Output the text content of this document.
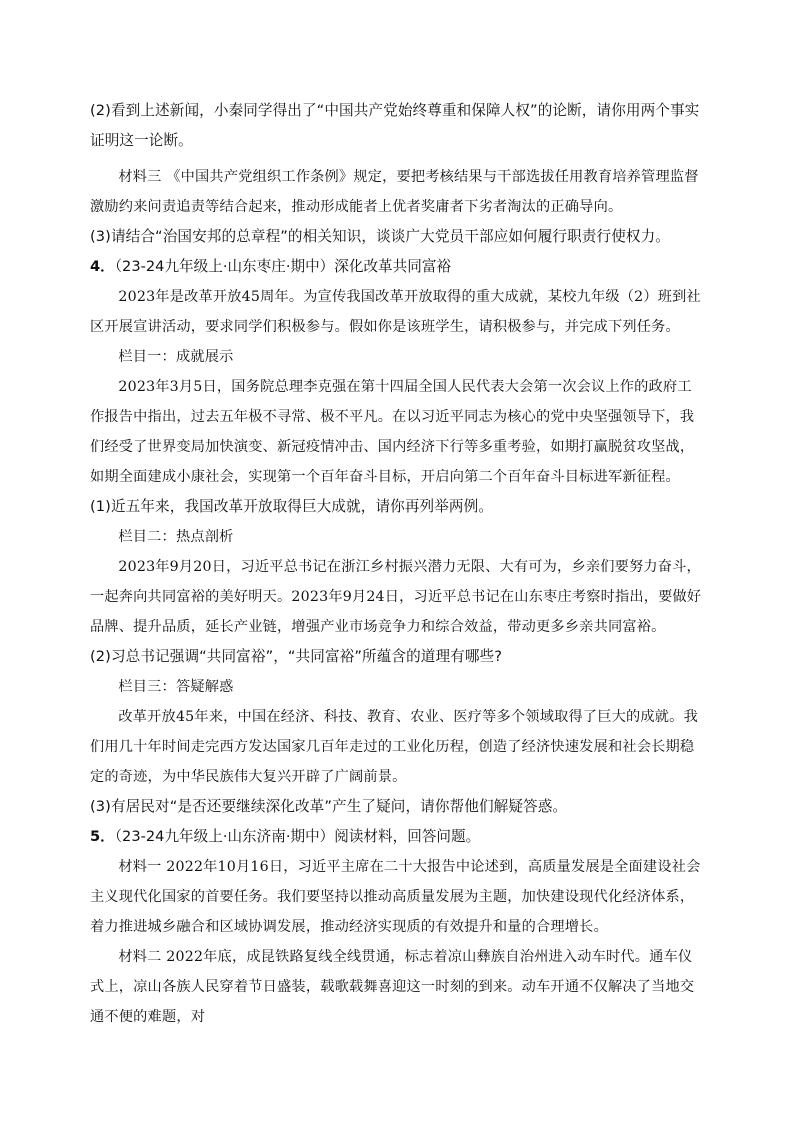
(2)看到上述新闻，小秦同学得出了“中国共产党始终尊重和保障人权”的论断，请你用两个事实证明这一论断。

材料三 《中国共产党组织工作条例》规定，要把考核结果与干部选拔任用教育培养管理监督激励约来问责追责等结合起来，推动形成能者上优者奖庸者下劣者淘汰的正确导向。

(3)请结合“治国安邦的总章程”的相关知识，谈谈广大党员干部应如何履行职责行使权力。

4．（23-24九年级上·山东枣庄·期中）深化改革共同富裕

2023年是改革开放45周年。为宣传我国改革开放取得的重大成就，某校九年级（2）班到社区开展宣讲活动，要求同学们积极参与。假如你是该班学生，请积极参与，并完成下列任务。

栏目一：成就展示

2023年3月5日，国务院总理李克强在第十四届全国人民代表大会第一次会议上作的政府工作报告中指出，过去五年极不寻常、极不平凡。在以习近平同志为核心的党中央坚强领导下，我们经受了世界变局加快演变、新冠疫情冲击、国内经济下行等多重考验，如期打赢脱贫攻坚战，如期全面建成小康社会，实现第一个百年奋斗目标，开启向第二个百年奋斗目标进军新征程。

(1)近五年来，我国改革开放取得巨大成就，请你再列举两例。

栏目二：热点剖析

2023年9月20日，习近平总书记在浙江乡村振兴潜力无限、大有可为，乡亲们要努力奋斗，一起奔向共同富裕的美好明天。2023年9月24日，习近平总书记在山东枣庄考察时指出，要做好品牌、提升品质，延长产业链，增强产业市场竞争力和综合效益，带动更多乡亲共同富裕。

(2)习总书记强调“共同富裕”，“共同富裕”所蕴含的道理有哪些?

栏目三：答疑解惑

改革开放45年来，中国在经济、科技、教育、农业、医疗等多个领域取得了巨大的成就。我们用几十年时间走完西方发达国家几百年走过的工业化历程，创造了经济快速发展和社会长期稳定的奇迹，为中华民族伟大复兴开辟了广阔前景。

(3)有居民对“是否还要继续深化改革”产生了疑问，请你帮他们解疑答惑。

5．（23-24九年级上·山东济南·期中）阅读材料，回答问题。

材料一 2022年10月16日，习近平主席在二十大报告中论述到，高质量发展是全面建设社会主义现代化国家的首要任务。我们要坚持以推动高质量发展为主题，加快建设现代化经济体系，着力推进城乡融合和区域协调发展，推动经济实现质的有效提升和量的合理增长。

材料二 2022年底，成昆铁路复线全线贯通，标志着凉山彝族自治州进入动车时代。通车仪式上，凉山各族人民穿着节日盛装，载歌载舞喜迎这一时刻的到来。动车开通不仅解决了当地交通不便的难题，对
